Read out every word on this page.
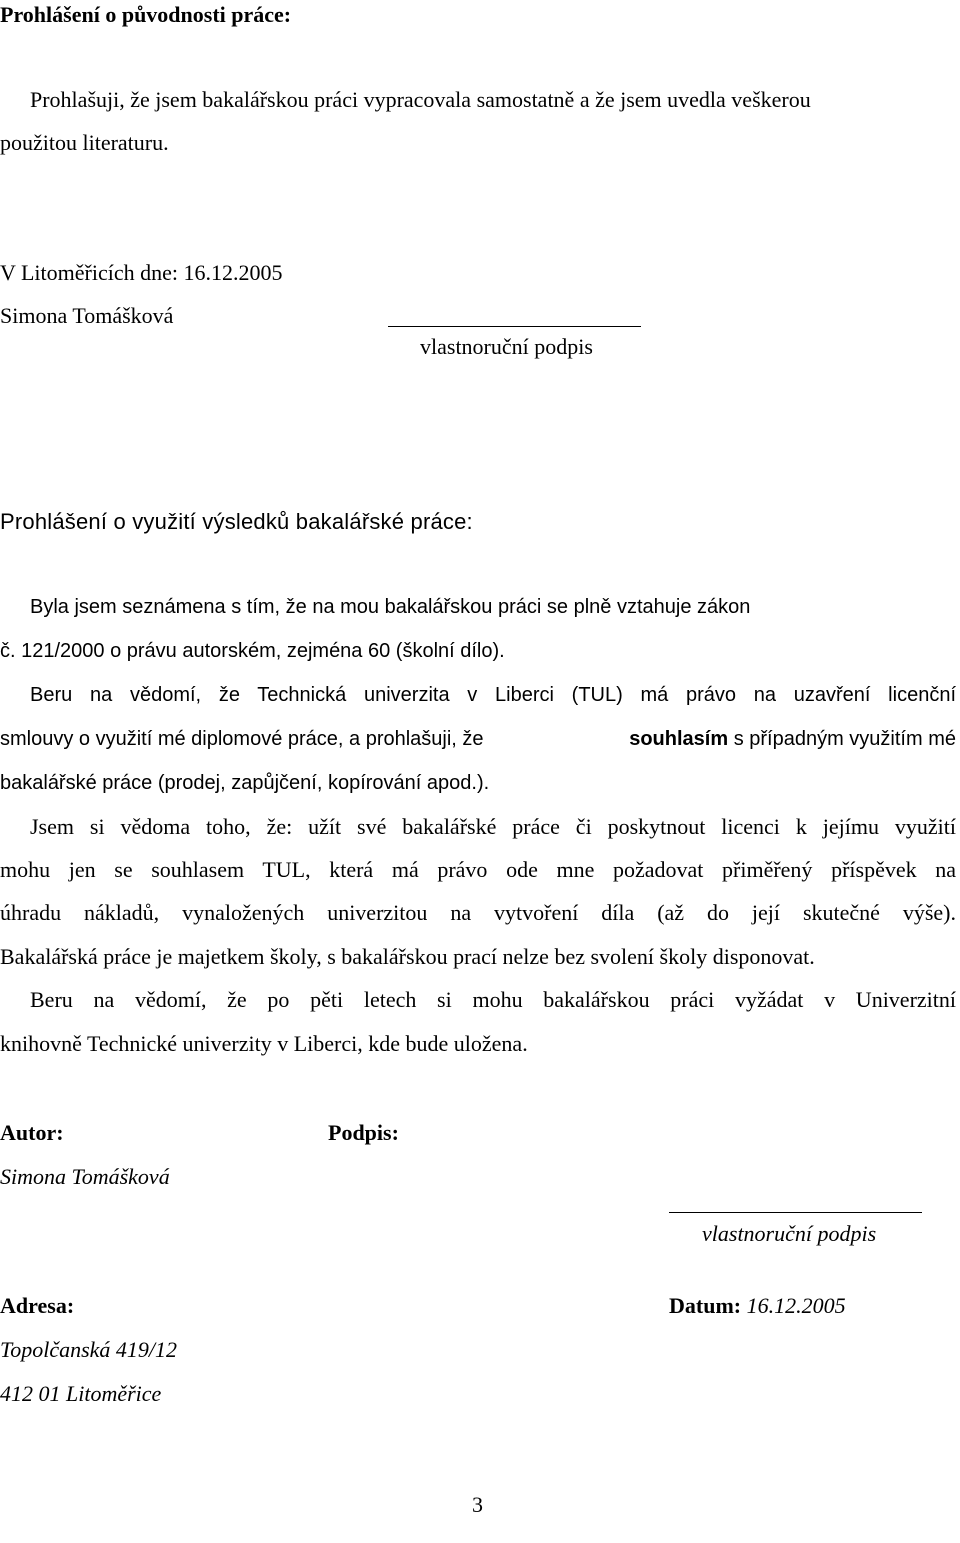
Prohlášení o původnosti práce:
Prohlašuji, že jsem bakalářskou práci vypracovala samostatně a že jsem uvedla veškerou
použitou literaturu.
V Litoměřicích dne: 16.12.2005
Simona Tomášková
vlastnoruční podpis
Prohlášení o využití výsledků bakalářské práce:
Byla jsem seznámena s tím, že na mou bakalářskou práci se plně vztahuje zákon
č. 121/2000 o právu autorském, zejména 60 (školní dílo).
Beru na vědomí, že Technická univerzita v Liberci (TUL) má právo na uzavření licenční
smlouvy o využití mé diplomové práce, a prohlašuji, že	souhlasím s případným využitím mé
bakalářské práce (prodej, zapůjčení, kopírování apod.).
Jsem si vědoma toho, že: užít své bakalářské práce či poskytnout licenci k jejímu využití
mohu jen se souhlasem TUL, která má právo ode mne požadovat přiměřený příspěvek na
úhradu nákladů, vynaložených univerzitou na vytvoření díla (až do její skutečné výše).
Bakalářská práce je majetkem školy, s bakalářskou prací nelze bez svolení školy disponovat.
Beru na vědomí, že po pěti letech si mohu bakalářskou práci vyžádat v Univerzitní
knihovně Technické univerzity v Liberci, kde bude uložena.
Autor:	Podpis:
Simona Tomášková
vlastnoruční podpis
Adresa:	Datum: 16.12.2005
Topolčanská 419/12
412 01 Litoměřice
3
